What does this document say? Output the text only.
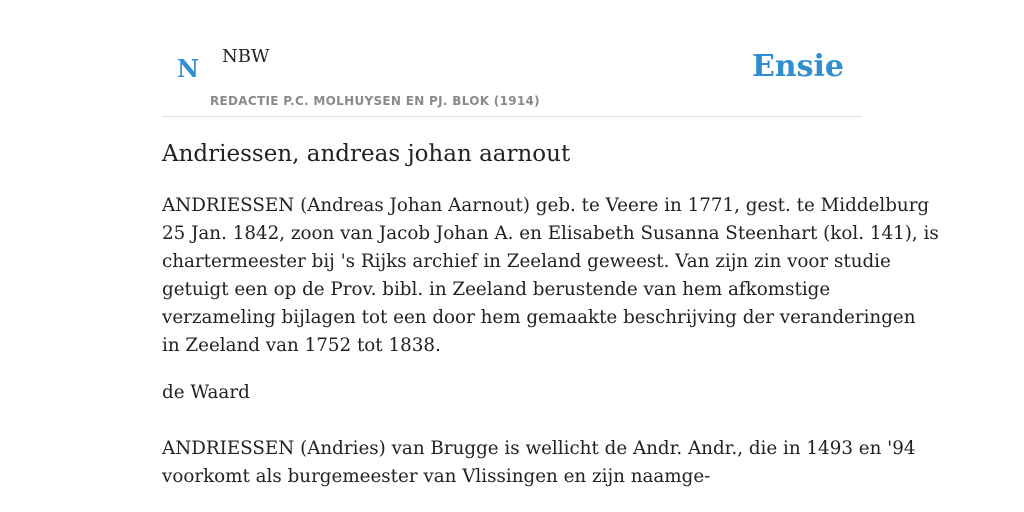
N NBW
REDACTIE P.C. MOLHUYSEN EN PJ. BLOK (1914)
Ensie
Andriessen, andreas johan aarnout

ANDRIESSEN (Andreas Johan Aarnout) geb. te Veere in 1771, gest. te Middelburg
25 Jan. 1842, zoon van Jacob Johan A. en Elisabeth Susanna Steenhart (kol. 141), is
chartermeester bij 's Rijks archief in Zeeland geweest. Van zijn zin voor studie
getuigt een op de Prov. bibl. in Zeeland berustende van hem afkomstige
verzameling bijlagen tot een door hem gemaakte beschrijving der veranderingen
in Zeeland van 1752 tot 1838.

de Waard

ANDRIESSEN (Andries) van Brugge is wellicht de Andr. Andr., die in 1493 en '94
voorkomt als burgemeester van Vlissingen en zijn naamge-
